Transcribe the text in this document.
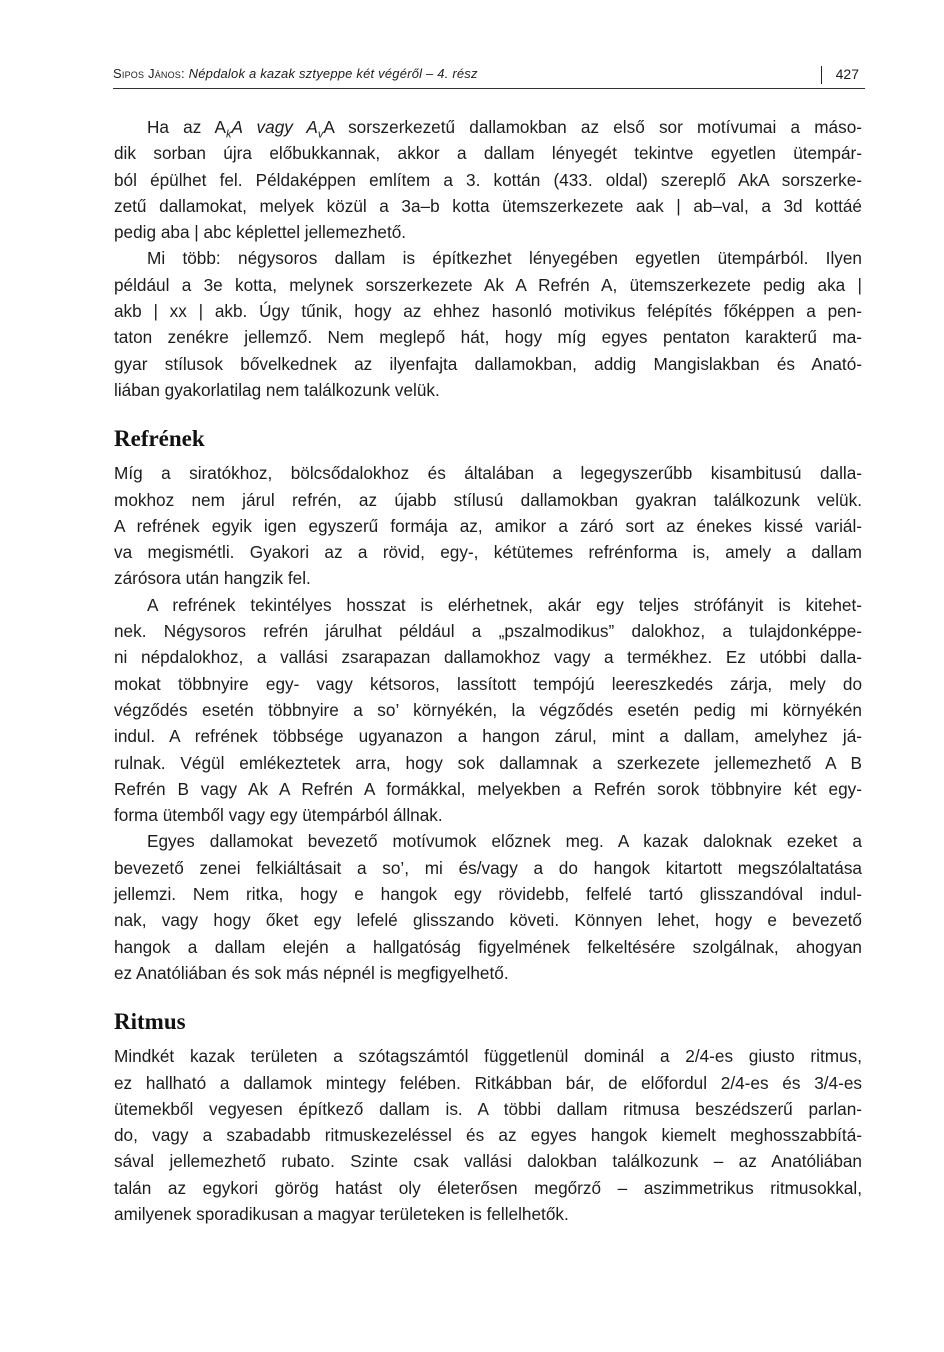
Sipos János: Népdalok a kazak sztyeppe két végéről – 4. rész	427
Ha az $A_kA$ vagy $A_vA$ sorszerkezetű dallamokban az első sor motívumai a máso-
dik sorban újra előbukkannak, akkor a dallam lényegét tekintve egyetlen ütempár-
ból épülhet fel. Példaképpen említem a 3. kottán (433. oldal) szereplő AkA sorszerke-
zetű dallamokat, melyek közül a 3a–b kotta ütemszerkezete aak | ab–val, a 3d kottáé
pedig aba | abc képlettel jellemezhető.
Mi több: négysoros dallam is építkezhet lényegében egyetlen ütempárból. Ilyen
például a 3e kotta, melynek sorszerkezete Ak A Refrén A, ütemszerkezete pedig aka |
akb | xx | akb. Úgy tűnik, hogy az ehhez hasonló motivikus felépítés főképpen a pen-
taton zenékre jellemző. Nem meglepő hát, hogy míg egyes pentaton karakterű ma-
gyar stílusok bővelkednek az ilyenfajta dallamokban, addig Mangislakban és Anató-
liában gyakorlatilag nem találkozunk velük.
Refrének
Míg a siratókhoz, bölcsődalokhoz és általában a legegyszerűbb kisambitusú dalla-
mokhoz nem járul refrén, az újabb stílusú dallamokban gyakran találkozunk velük.
A refrének egyik igen egyszerű formája az, amikor a záró sort az énekes kissé variál-
va megismétli. Gyakori az a rövid, egy-, kétütemes refrénforma is, amely a dallam
zárósora után hangzik fel.
A refrének tekintélyes hosszat is elérhetnek, akár egy teljes strófányit is kitehet-
nek. Négysoros refrén járulhat például a „pszalmodikus” dalokhoz, a tulajdonképpe-
ni népdalokhoz, a vallási zsarapazan dallamokhoz vagy a termékhez. Ez utóbbi dalla-
mokat többnyire egy- vagy kétsoros, lassított tempójú leereszkedés zárja, mely do
végződés esetén többnyire a so’ környékén, la végződés esetén pedig mi környékén
indul. A refrének többsége ugyanazon a hangon zárul, mint a dallam, amelyhez já-
rulnak. Végül emlékeztetek arra, hogy sok dallamnak a szerkezete jellemezhető A B
Refrén B vagy Ak A Refrén A formákkal, melyekben a Refrén sorok többnyire két egy-
forma ütemből vagy egy ütempárból állnak.
Egyes dallamokat bevezető motívumok előznek meg. A kazak daloknak ezeket a
bevezető zenei felkiáltásait a so’, mi és/vagy a do hangok kitartott megszólaltatása
jellemzi. Nem ritka, hogy e hangok egy rövidebb, felfelé tartó glisszandóval indul-
nak, vagy hogy őket egy lefelé glisszando követi. Könnyen lehet, hogy e bevezető
hangok a dallam elején a hallgatóság figyelmének felkeltésére szolgálnak, ahogyan
ez Anatóliában és sok más népnél is megfigyelhető.
Ritmus
Mindkét kazak területen a szótagszámtól függetlenül dominál a 2/4-es giusto ritmus,
ez hallható a dallamok mintegy felében. Ritkábban bár, de előfordul 2/4-es és 3/4-es
ütemekből vegyesen építkező dallam is. A többi dallam ritmusa beszédszerű parlan-
do, vagy a szabadabb ritmuskezeléssel és az egyes hangok kiemelt meghosszabbítá-
sával jellemezhető rubato. Szinte csak vallási dalokban találkozunk – az Anatóliában
talán az egykori görög hatást oly életerősen megőrző – aszimmetrikus ritmusokkal,
amilyenek sporadikusan a magyar területeken is fellelhetők.
